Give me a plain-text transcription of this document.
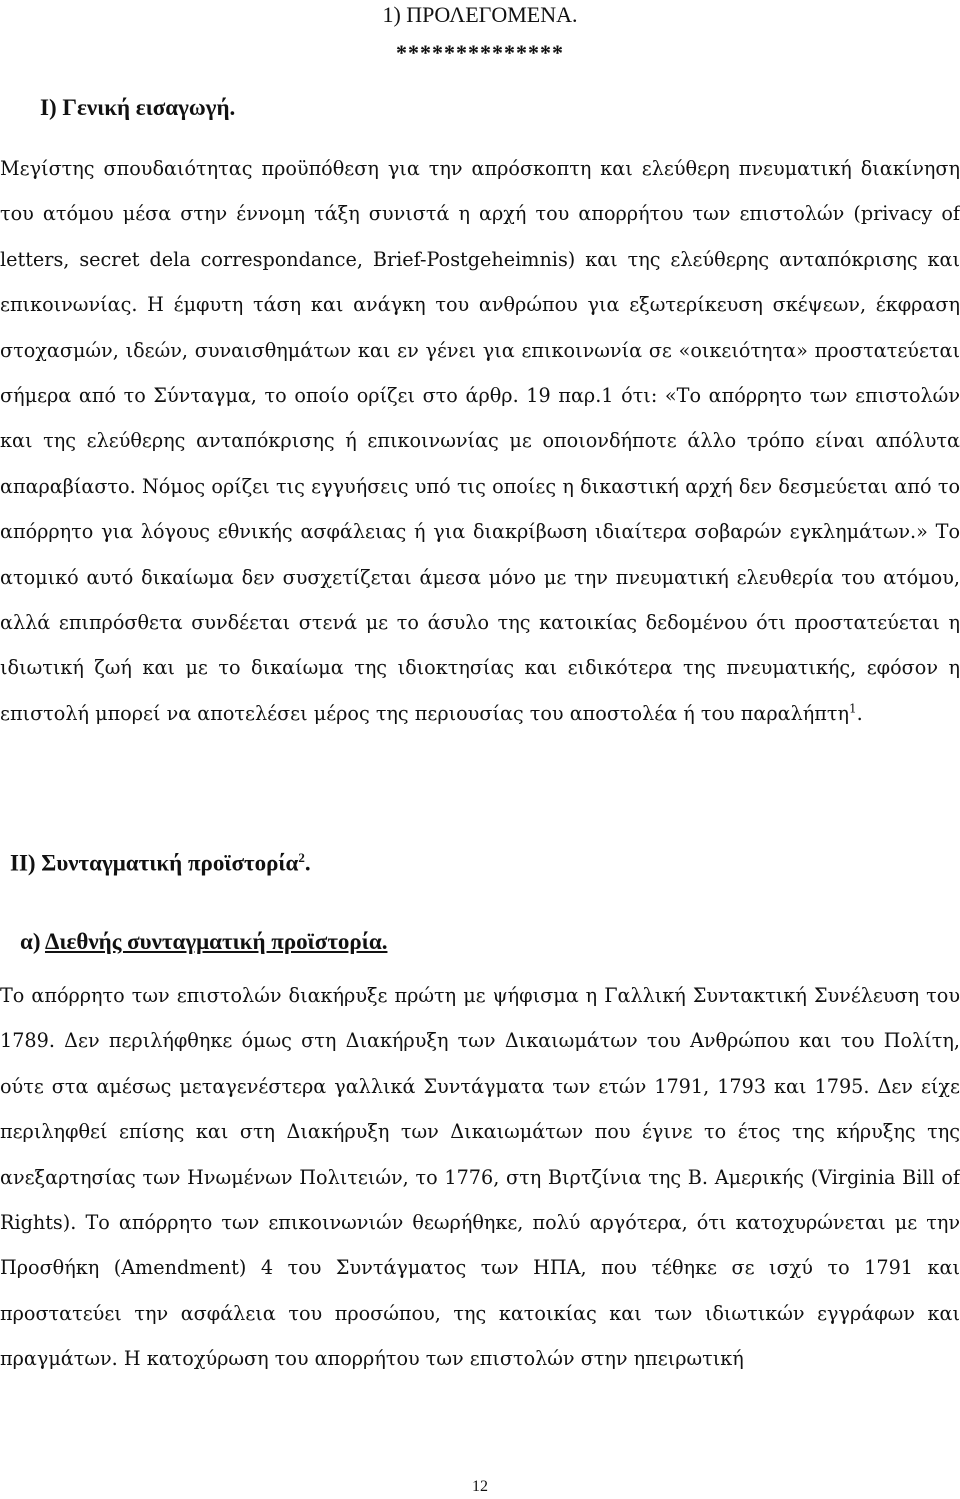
1) ΠΡΟΛΕΓΟΜΕΝΑ.
**************
Ι) Γενική εισαγωγή.

Μεγίστης σπουδαιότητας προϋπόθεση για την απρόσκοπτη και ελεύθερη πνευματική διακίνηση του ατόμου μέσα στην έννομη τάξη συνιστά η αρχή του απορρήτου των επιστολών (privacy of letters, secret dela correspondance, Brief-Postgeheimnis) και της ελεύθερης ανταπόκρισης και επικοινωνίας. Η έμφυτη τάση και ανάγκη του ανθρώπου για εξωτερίκευση σκέψεων, έκφραση στοχασμών, ιδεών, συναισθημάτων και εν γένει για επικοινωνία σε «οικειότητα» προστατεύεται σήμερα από το Σύνταγμα, το οποίο ορίζει στο άρθρ. 19 παρ.1 ότι: «Το απόρρητο των επιστολών και της ελεύθερης ανταπόκρισης ή επικοινωνίας με οποιονδήποτε άλλο τρόπο είναι απόλυτα απαραβίαστο. Νόμος ορίζει τις εγγυήσεις υπό τις οποίες η δικαστική αρχή δεν δεσμεύεται από το απόρρητο για λόγους εθνικής ασφάλειας ή για διακρίβωση ιδιαίτερα σοβαρών εγκλημάτων.» Το ατομικό αυτό δικαίωμα δεν συσχετίζεται άμεσα μόνο με την πνευματική ελευθερία του ατόμου, αλλά επιπρόσθετα συνδέεται στενά με το άσυλο της κατοικίας δεδομένου ότι προστατεύεται η ιδιωτική ζωή και με το δικαίωμα της ιδιοκτησίας και ειδικότερα της πνευματικής, εφόσον η επιστολή μπορεί να αποτελέσει μέρος της περιουσίας του αποστολέα ή του παραλήπτη$^1$.

ΙΙ) Συνταγματική προϊστορία$^2$.
α) Διεθνής συνταγματική προϊστορία.

Το απόρρητο των επιστολών διακήρυξε πρώτη με ψήφισμα η Γαλλική Συντακτική Συνέλευση του 1789. Δεν περιλήφθηκε όμως στη Διακήρυξη των Δικαιωμάτων του Ανθρώπου και του Πολίτη, ούτε στα αμέσως μεταγενέστερα γαλλικά Συντάγματα των ετών 1791, 1793 και 1795. Δεν είχε περιληφθεί επίσης και στη Διακήρυξη των Δικαιωμάτων που έγινε το έτος της κήρυξης της ανεξαρτησίας των Ηνωμένων Πολιτειών, το 1776, στη Βιρτζίνια της Β. Αμερικής (Virginia Bill of Rights). Το απόρρητο των επικοινωνιών θεωρήθηκε, πολύ αργότερα, ότι κατοχυρώνεται με την Προσθήκη (Amendment) 4 του Συντάγματος των ΗΠΑ, που τέθηκε σε ισχύ το 1791 και προστατεύει την ασφάλεια του προσώπου, της κατοικίας και των ιδιωτικών εγγράφων και πραγμάτων. Η κατοχύρωση του απορρήτου των επιστολών στην ηπειρωτική

12
